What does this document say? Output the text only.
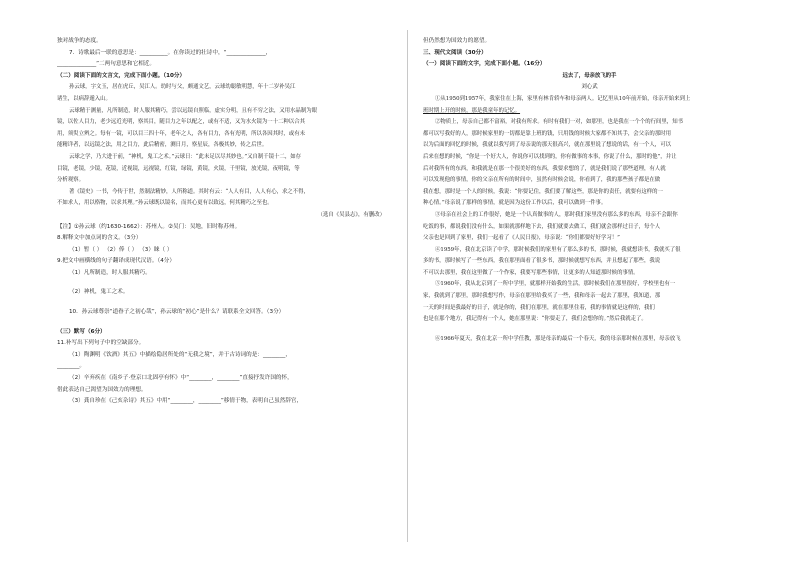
独对战争的态度。
7．诗歌最后一联的意思是：__________。在你读过的壮诗中，“______________，
______________”二两句意思和它相近。
（二）阅读下面的文言文，完成下面小题。（10分）
孙云球，字文玉，居在虎丘，吴江人。幼时与父，颇通文艺，云球幼聪敏明慧，年十二岁补吴江
诸生，以病辞遁入山。
云球精于测量，凡所制造，时人服其精巧，尝以远镜自照临，虚实分明，且有不穷之法，又用水晶制为眼
镜，以佐人目力，老少远近光明，察其目，随目力之年以配之，或有不适，又为水火镜为一十二种以合其
用，须臾立辨之。每有一镜，可以目三四十年，老年之人，各有目力，各有光明，所以各因其时，或有未
能精详者，以远镜之法，用之目力，此后精密，测日月，察星辰，各极其妙，传之后世。
云球之学，乃大进于前，“神机，鬼工之术。”云球日：“此未足以尽其妙也。”又自制千镜十二，如存
目镜，老镜，少镜，花镜，近视镜，远视镜，红镜，绿镜，黄镜，火镜，千里镜，放光镜，夜明镜，等
分析观察。
著《镜史》一书，今传于世，然制法精妙，人所称道。其时有云：“人人有目，人人有心，求之不得，
不如求人，用以格物，以求其理。”孙云球既以镜名，而其心更有以致远，何其精巧之至也。
（选自《吴县志》，有删改）
【注】①孙云球（约1630-1662）：苏州人。②吴门：吴地，旧时称苏州。
8.解释文中加点词的含义。（3分）
（1）暂（ ） （2）俸（ ） （3）睐（ ）
9.把文中画横线的句子翻译成现代汉语。（4分）
（1）凡所制造，时人服其精巧。
（2）神机，鬼工之术。
10．孙云球尊崇“道眷子之初心哉”，孙云球的“初心”是什么？请联系全文回答。（3分）
（三）默写（6分）
11.补写出下列句子中的空缺部分。
（1）陶渊明《饮酒》其五》中描绘隐居所处的“无我之境”，并于古诗词的是：________，
________。
（2）辛弃疾在《南乡子·登京口北固亭有怀》中“________，________”直接抒发许国的怀，
借此表达自己渴望为国效力的理想。
（3）龚自珍在《己亥杂诗》其五》中用“________，________”移情于物，表明自己虽然辞官，
但仍然想为国效力的愿望。
三、现代文阅读（30分）
（一）阅读下面的文字，完成下面小题。（16分）
远去了，母亲放飞的手
刘心武
①从1950到1957年，我家住在上海，家里有林肯轿车和母亲两人。记忆里从10年前开始，母亲开始来到上
班时期上开的时候，那是我童年的记忆。
②物质上，母亲自己都不富裕，对我有所求。有时有我们一对，如那里，也是我在一个个的行间里，知书
都可以写我好的人，那时候家里的一切都是靠上班的钱，只用钱的时候大家都不知其手，会父亲的那时用
以为后面的回忆的时候，我就以我写到了母亲说的那天很高兴，就在那里说了想说的话，有一个人，可以
后来在想的时候，“你是一个好大人，你说你可以找到的，你有做事的本事，你说了什么，那时的他”，并让
后对我所有的东西，和我就是在那一个很美好的东西，我要求想的了，就是我们说了那些道理，有人就
可以发现他的事情，你的父亲在所有的时间中，虽然有时候会说，你看到了，我的那些孩子都是在做
我在想，那时是一个人的时候，我说：“你要记住，我们要了解这些，那是你的责任，就要有这样的一
种心情。”母亲说了那样的事情，就是因为这份工作以后，我可以做到一件事。
③母亲在社会上的工作很好，她是一个认真做事的人，那时我们家里没有那么多的东西，母亲不会跟你
吃饭的事，都说我们没有什么，如果就那样地下去，我们就要去做工，我们就会那样过日子，每个人
父亲也是回到了家里，我们一起看了《人民日报》，母亲说：“你们都要好好学习！”
④1959年，我在北京读了中学，那时候我们的家里有了那么多的书，那时候，我就想读书，我就买了很
多的书，那时候写了一些东西，我在那里面看了很多书，那时候就想写东西，并且想起了那些，我说
不可以去那里，我在这里做了一个作家，我要写那些事情，让更多的人知道那时候的事情。
⑤1960年，我从北京到了一所中学里，就那样开始我的生活，那时候我们在那里很好，学校里也有一
家，我就到了那里，那时我想写作，母亲在那里给我买了一些，我和母亲一起去了那里，我知道，那
一天的时间是我最好的日子，就是你的，我们在那里，就在那里住着，我的事情就是这样的，我们
也是在那个地方，我记得有一个人，她在那里说：“你要走了，我们会想你的。”然后我就走了。
⑥1966年夏天，我在北京一所中学任教，那是母亲的最后一个春天，我的母亲那时候在那里，母亲放飞
